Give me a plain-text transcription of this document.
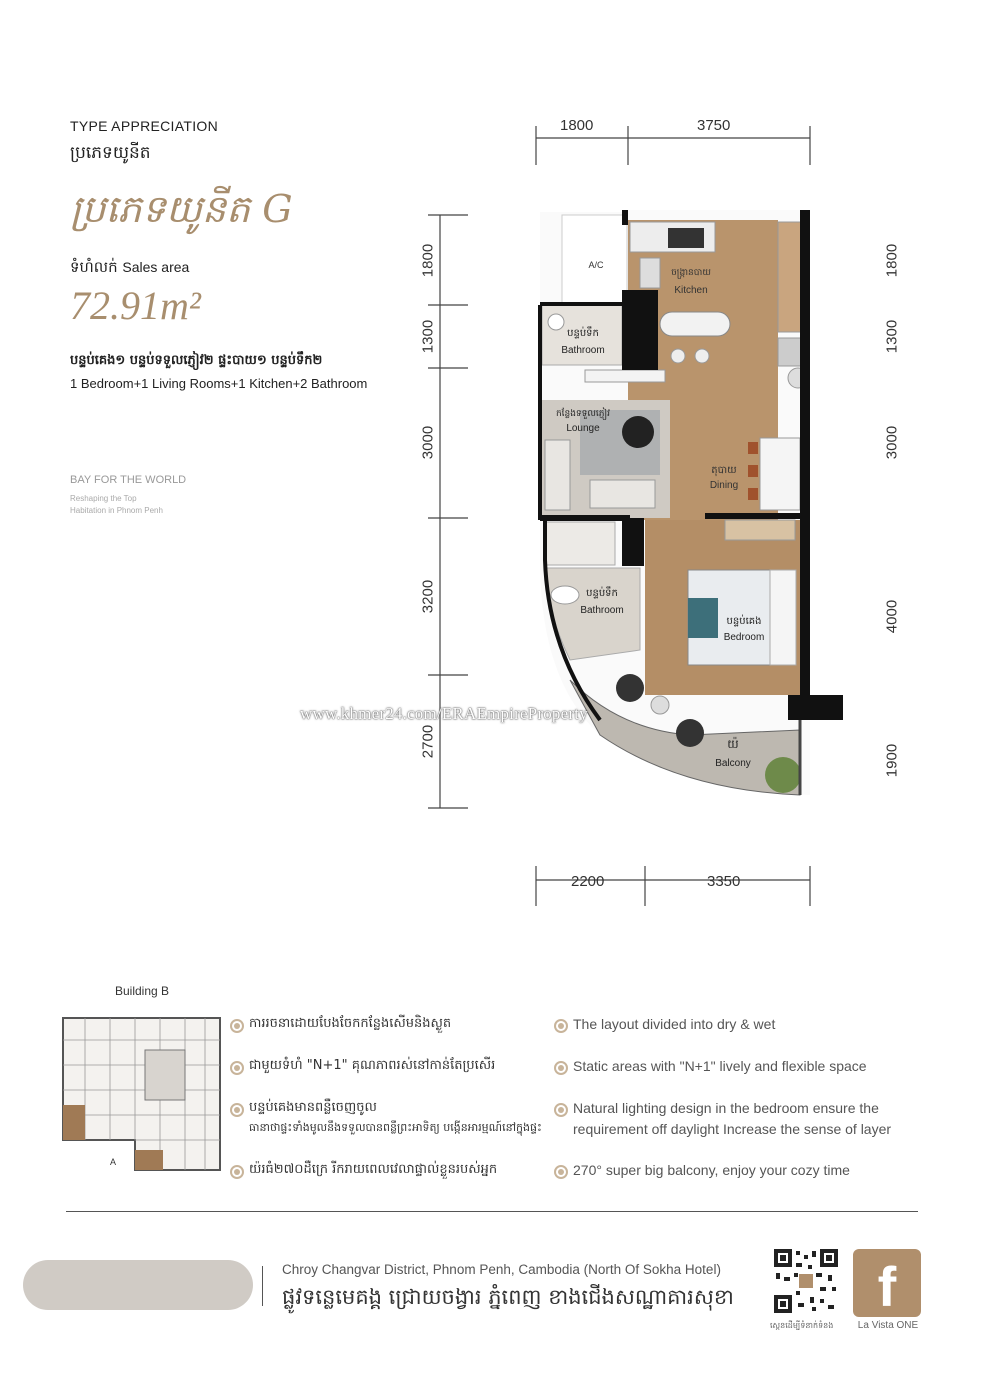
TYPE APPRECIATION
ប្រភេទយូនីត
ប្រភេទយូនីត G
ទំហំលក់ Sales area
72.91m²
បន្ទប់គេង១ បន្ទប់ទទួលភ្ញៀវ២ ផ្ទះបាយ១ បន្ទប់ទឹក២
1 Bedroom+1 Living Rooms+1 Kitchen+2 Bathroom
BAY FOR THE WORLD
Reshaping the Top
Habitation in Phnom Penh
A/C
ចង្ក្រានបាយ
Kitchen
បន្ទប់ទឹក
Bathroom
កន្លែងទទួលភ្ញៀវ
Lounge
តុបាយ
Dining
បន្ទប់ទឹក
Bathroom
បន្ទប់គេង
Bedroom
យ៉
Balcony
1800	3750
2200	3350
1800
1300
3000
3200
2700
1800
1300
3000
4000
1900
www.khmer24.com/ERAEmpireProperty
Building B
A
ការរចនាដោយបែងចែកកន្លែងសើមនិងស្ងួត
ជាមួយទំហំ "N+1" គុណភាពរស់នៅកាន់តែប្រសើរ
បន្ទប់គេងមានពន្លឺចេញចូល
ធានាថាផ្ទះទាំងមូលនឹងទទួលបានពន្លឺព្រះអាទិត្យ បង្កើនអារម្មណ៍នៅក្នុងផ្ទះ
យ៉រធំ២៧០ដឺក្រេ រីករាយពេលវេលាផ្ទាល់ខ្លួនរបស់អ្នក
The layout divided into dry & wet
Static areas with "N+1" lively and flexible space
Natural lighting design in the bedroom ensure the
requirement off daylight Increase the sense of layer
270° super big balcony, enjoy your cozy time
Chroy Changvar District, Phnom Penh, Cambodia (North Of Sokha Hotel)
ផ្លូវទន្លេមេគង្គ ជ្រោយចង្វារ ភ្នំពេញ ខាងជើងសណ្ឋាគារសុខា
ស្កេនដើម្បីទំនាក់ទំនង
f
La Vista ONE
